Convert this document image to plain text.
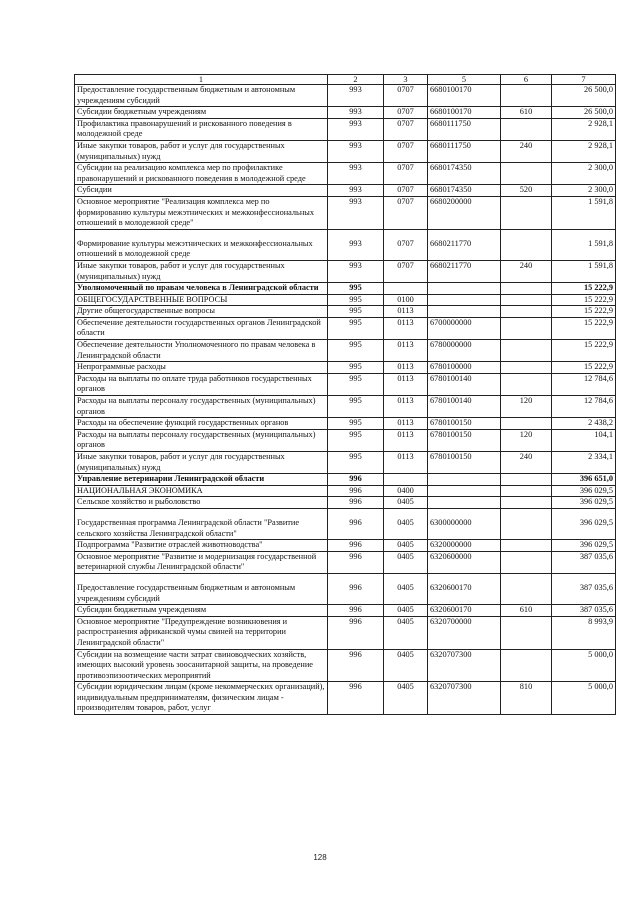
1	2	3	5	6	7
Предоставление государственным бюджетным и автономным учреждениям субсидий	993	0707	6680100170		26 500,0
Субсидии бюджетным учреждениям	993	0707	6680100170	610	26 500,0
Профилактика правонарушений и рискованного поведения в молодежной среде	993	0707	6680111750		2 928,1
Иные закупки товаров, работ и услуг для государственных (муниципальных) нужд	993	0707	6680111750	240	2 928,1
Субсидии на реализацию комплекса мер по профилактике правонарушений и рискованного поведения в молодежной среде	993	0707	6680174350		2 300,0
Субсидии	993	0707	6680174350	520	2 300,0
Основное мероприятие "Реализация комплекса мер по формированию культуры межэтнических и межконфессиональных отношений в молодежной среде"	993	0707	6680200000		1 591,8
Формирование культуры межэтнических и межконфессиональных отношений в молодежной среде	993	0707	6680211770		1 591,8
Иные закупки товаров, работ и услуг для государственных (муниципальных) нужд	993	0707	6680211770	240	1 591,8
Уполномоченный по правам человека в Ленинградской области	995				15 222,9
ОБЩЕГОСУДАРСТВЕННЫЕ ВОПРОСЫ	995	0100			15 222,9
Другие общегосударственные вопросы	995	0113			15 222,9
Обеспечение деятельности государственных органов Ленинградской области	995	0113	6700000000		15 222,9
Обеспечение деятельности Уполномоченного по правам человека в Ленинградской области	995	0113	6780000000		15 222,9
Непрограммные расходы	995	0113	6780100000		15 222,9
Расходы на выплаты по оплате труда работников государственных органов	995	0113	6780100140		12 784,6
Расходы на выплаты персоналу государственных (муниципальных) органов	995	0113	6780100140	120	12 784,6
Расходы на обеспечение функций государственных органов	995	0113	6780100150		2 438,2
Расходы на выплаты персоналу государственных (муниципальных) органов	995	0113	6780100150	120	104,1
Иные закупки товаров, работ и услуг для государственных (муниципальных) нужд	995	0113	6780100150	240	2 334,1
Управление ветеринарии Ленинградской области	996				396 651,0
НАЦИОНАЛЬНАЯ ЭКОНОМИКА	996	0400			396 029,5
Сельское хозяйство и рыболовство	996	0405			396 029,5
Государственная программа Ленинградской области "Развитие сельского хозяйства Ленинградской области"	996	0405	6300000000		396 029,5
Подпрограмма "Развитие отраслей животноводства"	996	0405	6320000000		396 029,5
Основное мероприятие "Развитие и модернизация государственной ветеринарной службы Ленинградской области"	996	0405	6320600000		387 035,6
Предоставление государственным бюджетным и автономным учреждениям субсидий	996	0405	6320600170		387 035,6
Субсидии бюджетным учреждениям	996	0405	6320600170	610	387 035,6
Основное мероприятие "Предупреждение возникновения и распространения африканской чумы свиней на территории Ленинградской области"	996	0405	6320700000		8 993,9
Субсидии на возмещение части затрат свиноводческих хозяйств, имеющих высокий уровень зоосанитарной защиты, на проведение противоэпизоотических мероприятий	996	0405	6320707300		5 000,0
Субсидии юридическим лицам (кроме некоммерческих организаций), индивидуальным предпринимателям, физическим лицам - производителям товаров, работ, услуг	996	0405	6320707300	810	5 000,0
128
